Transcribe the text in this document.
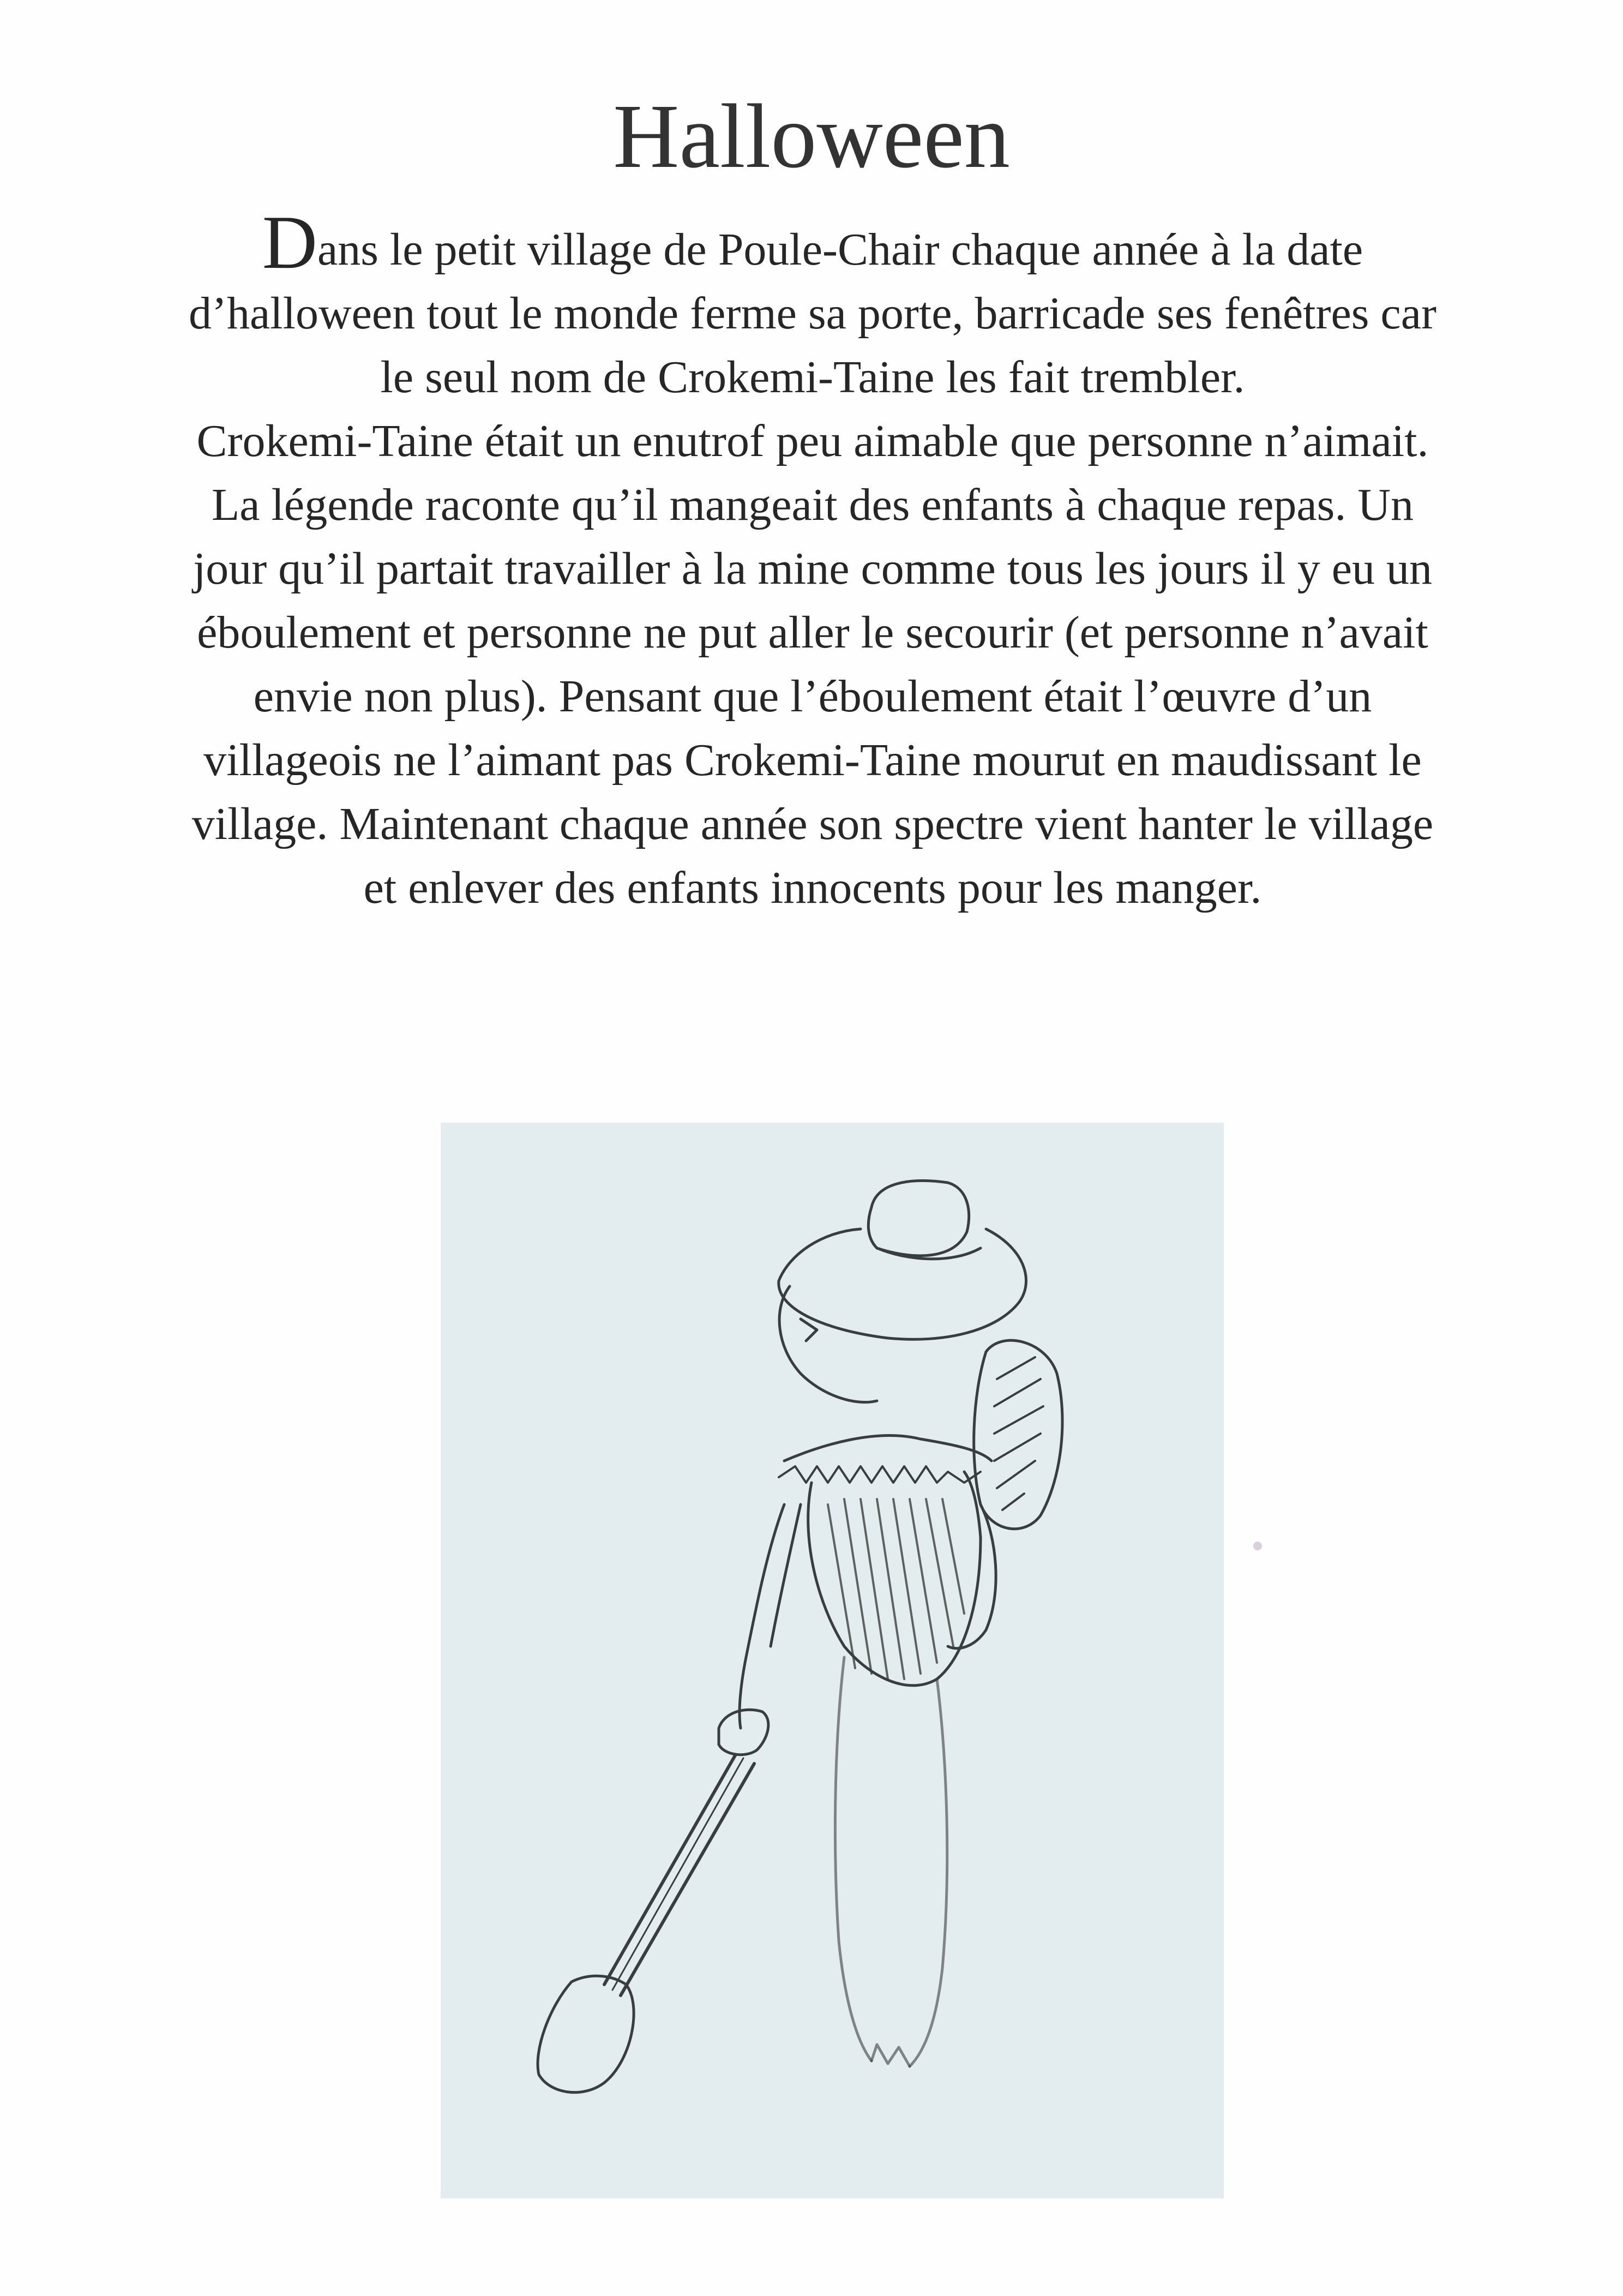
Halloween

Dans le petit village de Poule-Chair chaque année à la date d’halloween tout le monde ferme sa porte, barricade ses fenêtres car le seul nom de Crokemi-Taine les fait trembler.

Crokemi-Taine était un enutrof peu aimable que personne n’aimait. La légende raconte qu’il mangeait des enfants à chaque repas. Un jour qu’il partait travailler à la mine comme tous les jours il y eu un éboulement et personne ne put aller le secourir (et personne n’avait envie non plus). Pensant que l’éboulement était l’œuvre d’un villageois ne l’aimant pas Crokemi-Taine mourut en maudissant le village. Maintenant chaque année son spectre vient hanter le village et enlever des enfants innocents pour les manger.
